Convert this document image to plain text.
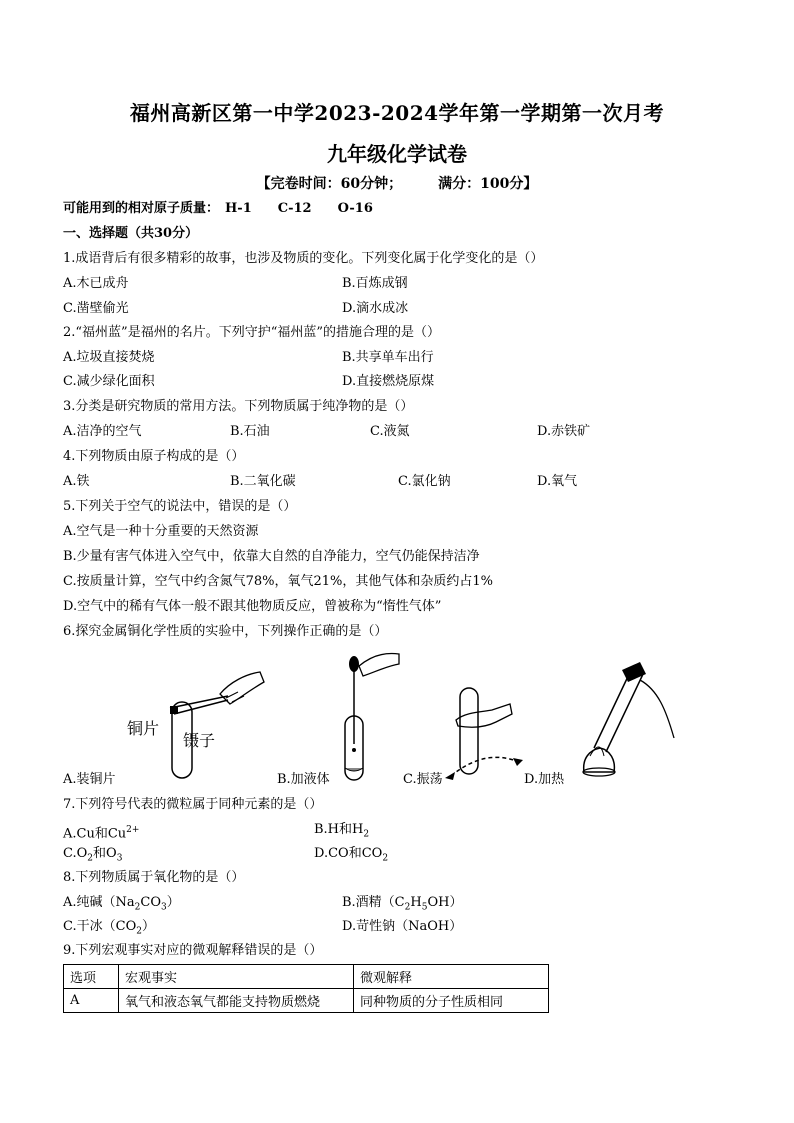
福州高新区第一中学2023-2024学年第一学期第一次月考
九年级化学试卷
【完卷时间：60分钟；	满分：100分】
可能用到的相对原子质量： H-1 C-12 O-16
一、选择题（共30分）
1.成语背后有很多精彩的故事，也涉及物质的变化。下列变化属于化学变化的是（）
A.木已成舟	B.百炼成钢
C.凿壁偷光	D.滴水成冰
2.“福州蓝”是福州的名片。下列守护“福州蓝”的措施合理的是（）
A.垃圾直接焚烧	B.共享单车出行
C.减少绿化面积	D.直接燃烧原煤
3.分类是研究物质的常用方法。下列物质属于纯净物的是（）
A.洁净的空气	B.石油	C.液氮	D.赤铁矿
4.下列物质由原子构成的是（）
A.铁	B.二氧化碳	C.氯化钠	D.氧气
5.下列关于空气的说法中，错误的是（）
A.空气是一种十分重要的天然资源
B.少量有害气体进入空气中，依靠大自然的自净能力，空气仍能保持洁净
C.按质量计算，空气中约含氮气78%，氧气21%，其他气体和杂质约占1%
D.空气中的稀有气体一般不跟其他物质反应，曾被称为“惰性气体”
6.探究金属铜化学性质的实验中，下列操作正确的是（）
铜片
镊子
A.装铜片	B.加液体	C.振荡	D.加热
7.下列符号代表的微粒属于同种元素的是（）
A.Cu和$Cu^{2+}$	B.H和$H_2$
$C.O_2$和$O_3$	D.CO和$CO_2$
8.下列物质属于氧化物的是（）
A.纯碱$(Na_2CO_3)$	B.酒精$(C_2H_5OH)$
C.干冰$(CO_2)$	D.苛性钠（NaOH）
9.下列宏观事实对应的微观解释错误的是（）
选项	宏观事实	微观解释
A	氧气和液态氧气都能支持物质燃烧	同种物质的分子性质相同
